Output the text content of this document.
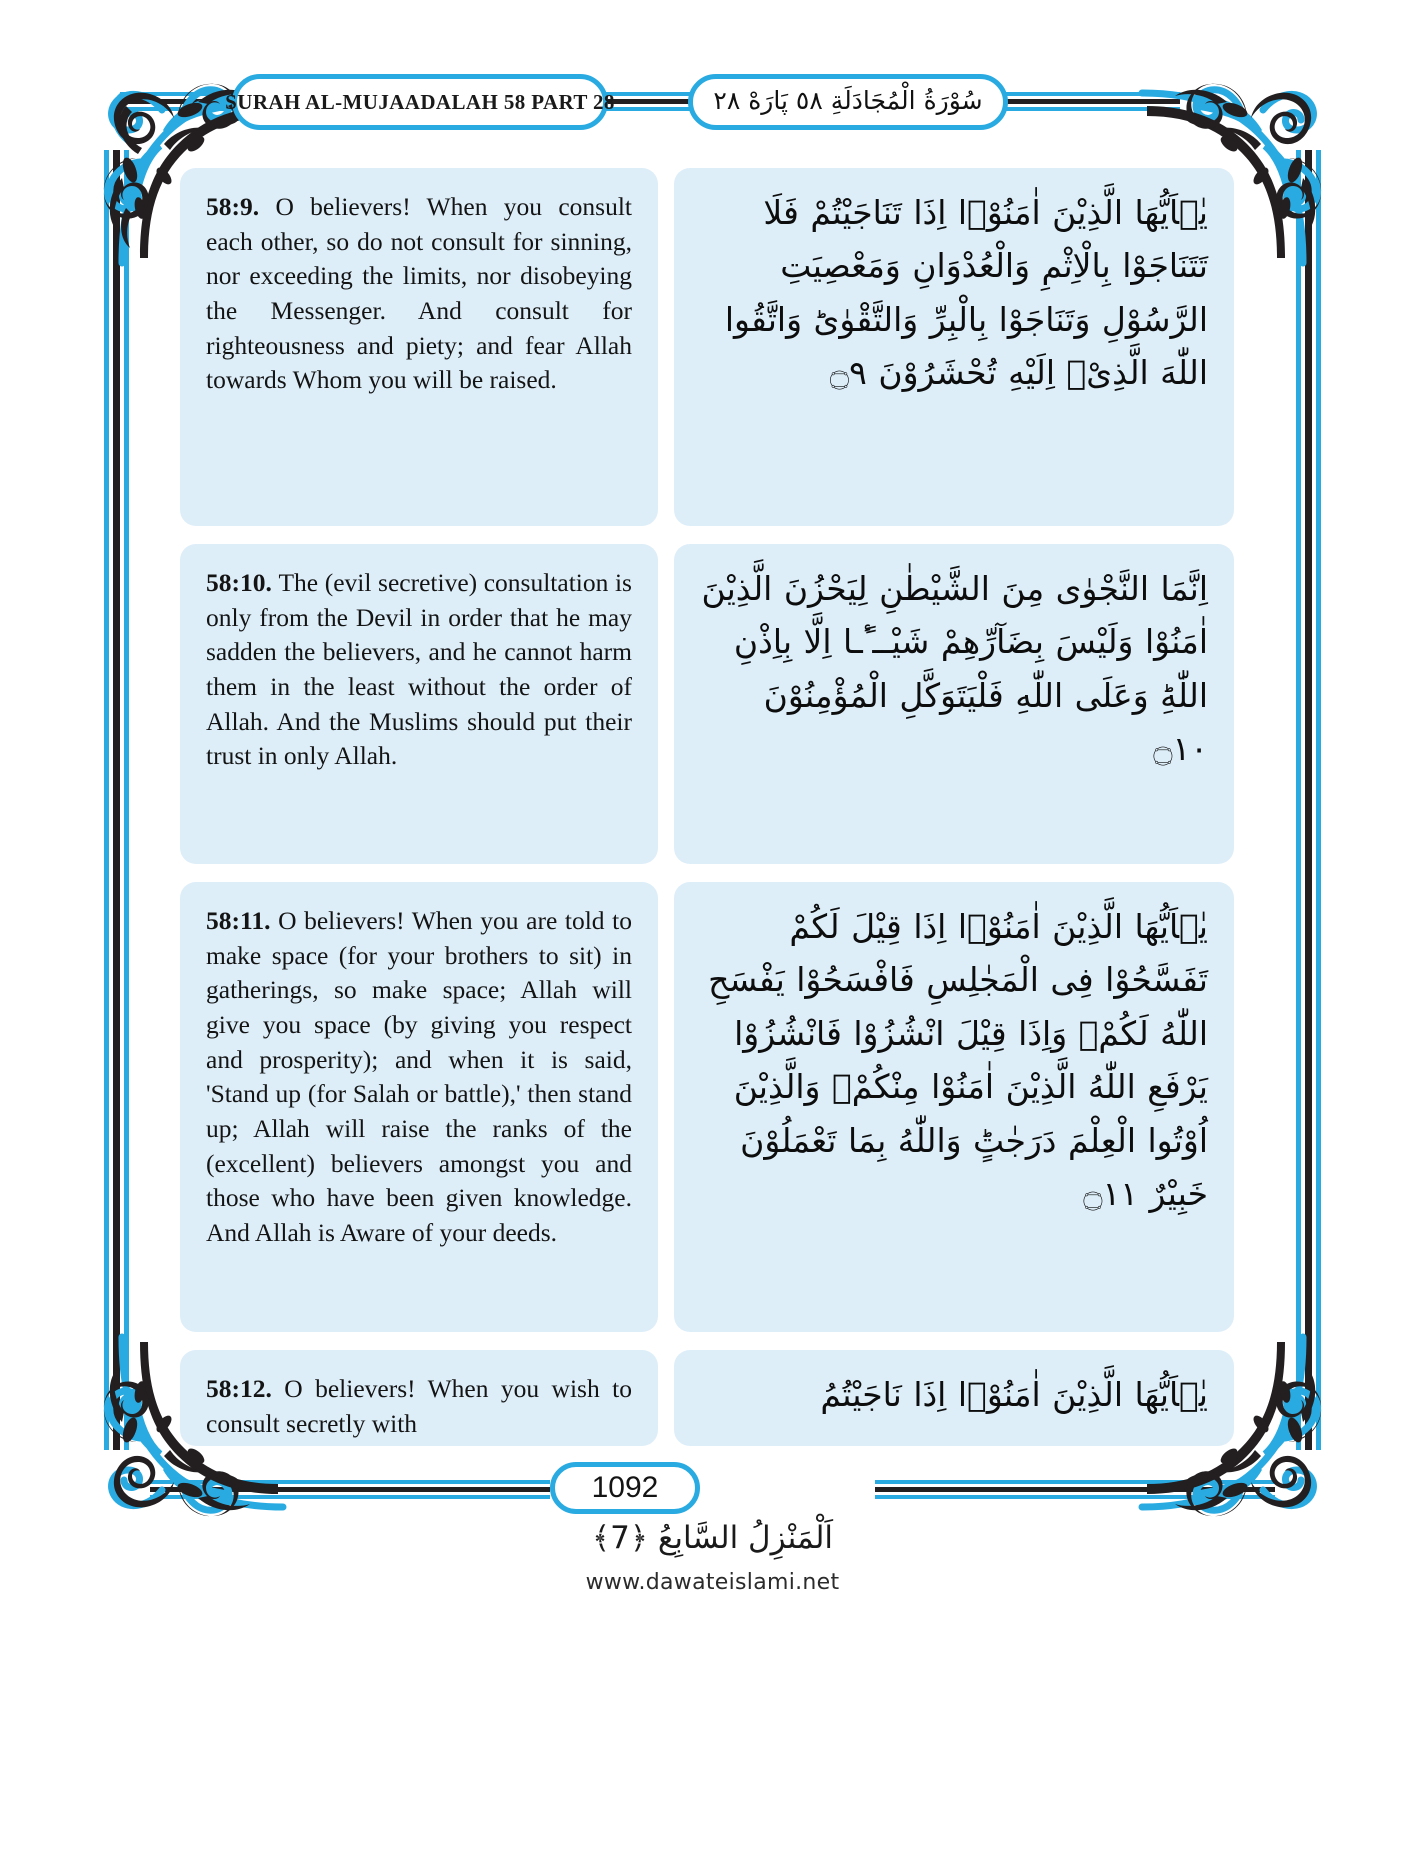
SURAH AL-MUJAADALAH 58 PART 28	سُوْرَةُ الْمُجَادَلَةِ ٥٨ پَارَهْ ٢٨
58:9. O believers! When you consult each other, so do not consult for sinning, nor exceeding the limits, nor disobeying the Messenger. And consult for righteousness and piety; and fear Allah towards Whom you will be raised.
يٰۤاَيُّهَا الَّذِيْنَ اٰمَنُوْۤا اِذَا تَنَاجَيْتُمْ فَلَا تَتَنَاجَوْا بِالْاِثْمِ وَالْعُدْوَانِ وَمَعْصِيَتِ الرَّسُوْلِ وَتَنَاجَوْا بِالْبِرِّ وَالتَّقْوٰىؕ وَاتَّقُوا اللّٰهَ الَّذِیْۤ اِلَيْهِ تُحْشَرُوْنَ ۝۹
58:10. The (evil secretive) consultation is only from the Devil in order that he may sadden the believers, and he cannot harm them in the least without the order of Allah. And the Muslims should put their trust in only Allah.
اِنَّمَا النَّجْوٰى مِنَ الشَّيْطٰنِ لِيَحْزُنَ الَّذِيْنَ اٰمَنُوْا وَلَيْسَ بِضَآرِّهِمْ شَيْــٴًـا اِلَّا بِاِذْنِ اللّٰهِؕ وَعَلَى اللّٰهِ فَلْيَتَوَكَّلِ الْمُؤْمِنُوْنَ ۝۱۰
58:11. O believers! When you are told to make space (for your brothers to sit) in gatherings, so make space; Allah will give you space (by giving you respect and prosperity); and when it is said, 'Stand up (for Salah or battle),' then stand up; Allah will raise the ranks of the (excellent) believers amongst you and those who have been given knowledge. And Allah is Aware of your deeds.
يٰۤاَيُّهَا الَّذِيْنَ اٰمَنُوْۤا اِذَا قِيْلَ لَكُمْ تَفَسَّحُوْا فِى الْمَجٰلِسِ فَافْسَحُوْا يَفْسَحِ اللّٰهُ لَكُمْۚ وَاِذَا قِيْلَ انْشُزُوْا فَانْشُزُوْا يَرْفَعِ اللّٰهُ الَّذِيْنَ اٰمَنُوْا مِنْكُمْۙ وَالَّذِيْنَ اُوْتُوا الْعِلْمَ دَرَجٰتٍؕ وَاللّٰهُ بِمَا تَعْمَلُوْنَ خَبِيْرٌ ۝۱۱
58:12. O believers! When you wish to consult secretly with
يٰۤاَيُّهَا الَّذِيْنَ اٰمَنُوْۤا اِذَا نَاجَيْتُمُ
1092
اَلْمَنْزِلُ السَّابِعُ ﴿7﴾
www.dawateislami.net
